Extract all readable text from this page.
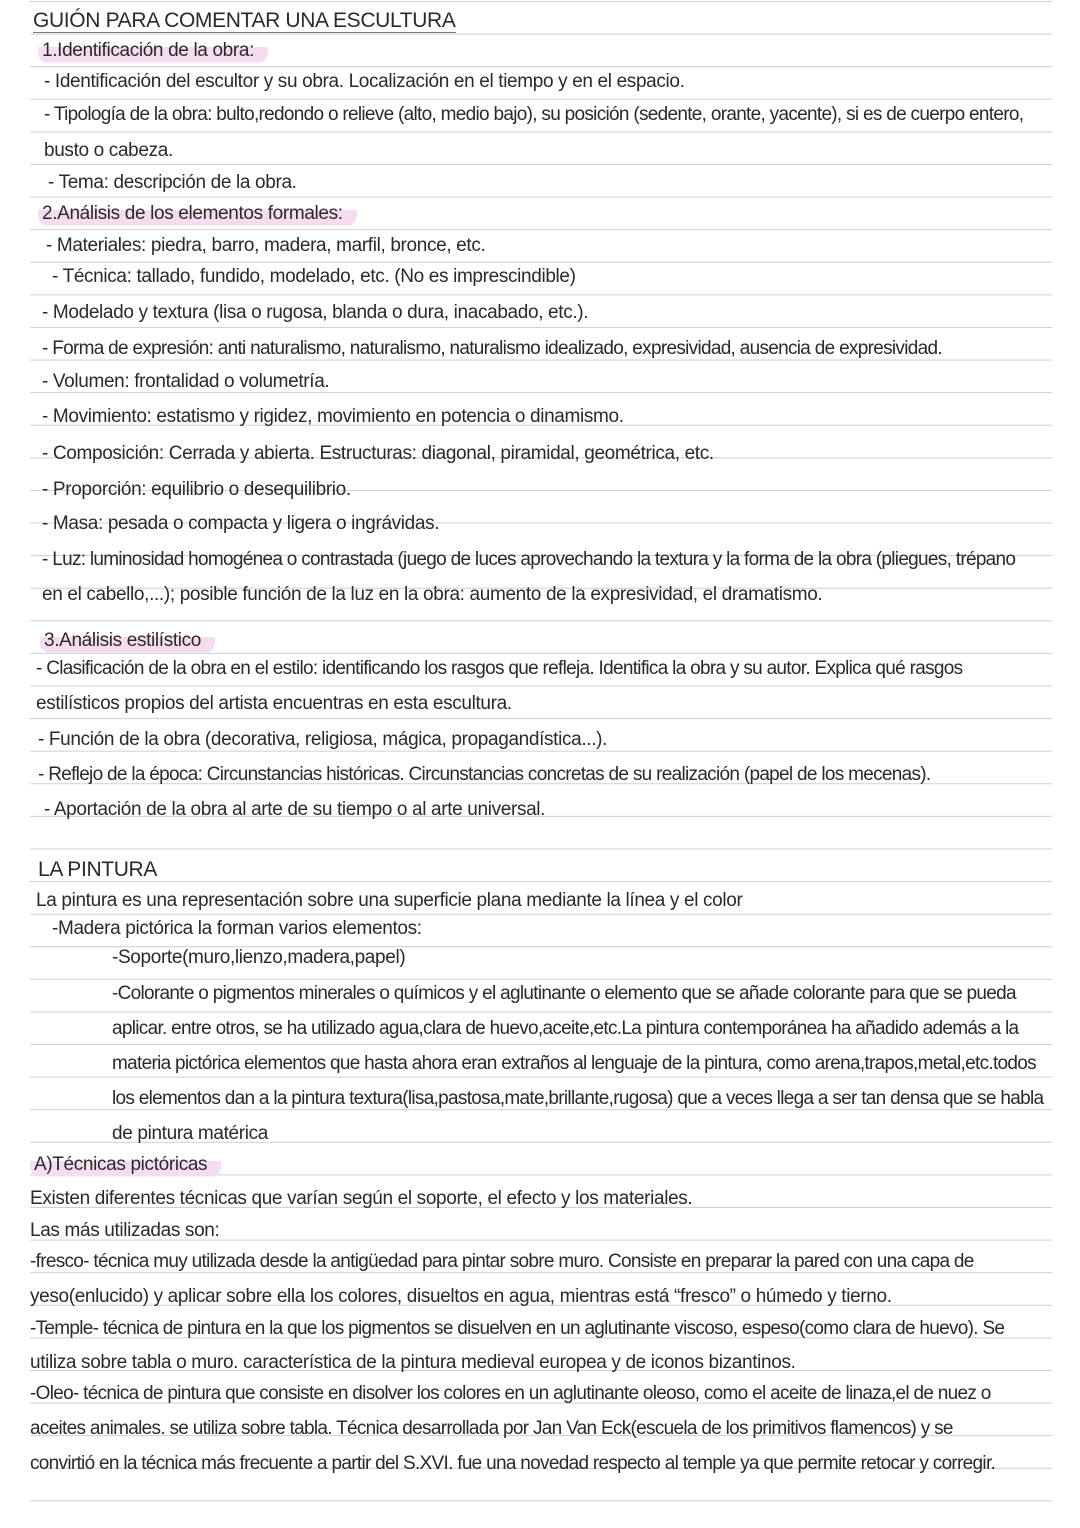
GUIÓN PARA COMENTAR UNA ESCULTURA
1.Identificación de la obra:
- Identificación del escultor y su obra. Localización en el tiempo y en el espacio.
- Tipología de la obra: bulto,redondo o relieve (alto, medio bajo), su posición (sedente, orante, yacente), si es de cuerpo entero,
busto o cabeza.
- Tema: descripción de la obra.
2.Análisis de los elementos formales:
- Materiales: piedra, barro, madera, marfil, bronce, etc.
- Técnica: tallado, fundido, modelado, etc. (No es imprescindible)
- Modelado y textura (lisa o rugosa, blanda o dura, inacabado, etc.).
- Forma de expresión: anti naturalismo, naturalismo, naturalismo idealizado, expresividad, ausencia de expresividad.
- Volumen: frontalidad o volumetría.
- Movimiento: estatismo y rigidez, movimiento en potencia o dinamismo.
- Composición: Cerrada y abierta. Estructuras: diagonal, piramidal, geométrica, etc.
- Proporción: equilibrio o desequilibrio.
- Masa: pesada o compacta y ligera o ingrávidas.
- Luz: luminosidad homogénea o contrastada (juego de luces aprovechando la textura y la forma de la obra (pliegues, trépano
en el cabello,...); posible función de la luz en la obra: aumento de la expresividad, el dramatismo.
3.Análisis estilístico
- Clasificación de la obra en el estilo: identificando los rasgos que refleja. Identifica la obra y su autor. Explica qué rasgos
estilísticos propios del artista encuentras en esta escultura.
- Función de la obra (decorativa, religiosa, mágica, propagandística...).
- Reflejo de la época: Circunstancias históricas. Circunstancias concretas de su realización (papel de los mecenas).
- Aportación de la obra al arte de su tiempo o al arte universal.
LA PINTURA
La pintura es una representación sobre una superficie plana mediante la línea y el color
-Madera pictórica la forman varios elementos:
-Soporte(muro,lienzo,madera,papel)
-Colorante o pigmentos minerales o químicos y el aglutinante o elemento que se añade colorante para que se pueda
aplicar. entre otros, se ha utilizado agua,clara de huevo,aceite,etc.La pintura contemporánea ha añadido además a la
materia pictórica elementos que hasta ahora eran extraños al lenguaje de la pintura, como arena,trapos,metal,etc.todos
los elementos dan a la pintura textura(lisa,pastosa,mate,brillante,rugosa) que a veces llega a ser tan densa que se habla
de pintura matérica
A)Técnicas pictóricas
Existen diferentes técnicas que varían según el soporte, el efecto y los materiales.
Las más utilizadas son:
-fresco- técnica muy utilizada desde la antigüedad para pintar sobre muro. Consiste en preparar la pared con una capa de
yeso(enlucido) y aplicar sobre ella los colores, disueltos en agua, mientras está “fresco” o húmedo y tierno.
-Temple- técnica de pintura en la que los pigmentos se disuelven en un aglutinante viscoso, espeso(como clara de huevo). Se
utiliza sobre tabla o muro. característica de la pintura medieval europea y de iconos bizantinos.
-Oleo- técnica de pintura que consiste en disolver los colores en un aglutinante oleoso, como el aceite de linaza,el de nuez o
aceites animales. se utiliza sobre tabla. Técnica desarrollada por Jan Van Eck(escuela de los primitivos flamencos) y se
convirtió en la técnica más frecuente a partir del S.XVI. fue una novedad respecto al temple ya que permite retocar y corregir.
